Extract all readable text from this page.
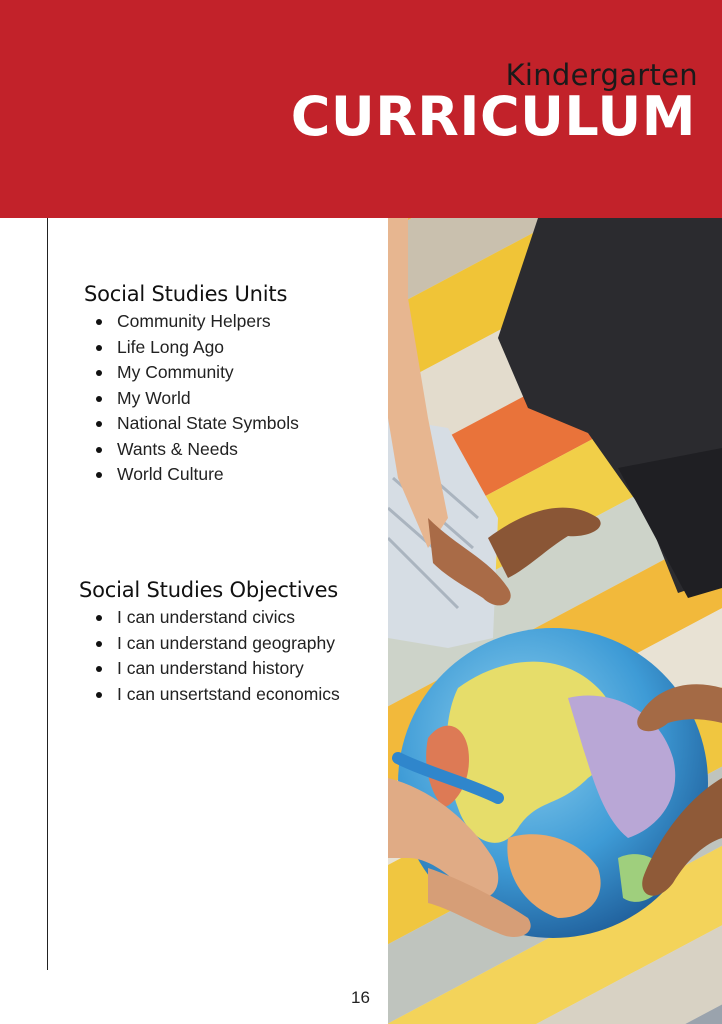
Kindergarten
CURRICULUM
Social Studies Units
Community Helpers
Life Long Ago
My Community
My World
National State Symbols
Wants & Needs
World Culture
Social Studies Objectives
I can understand civics
I can understand geography
I can understand history
I can unsertstand economics
16
